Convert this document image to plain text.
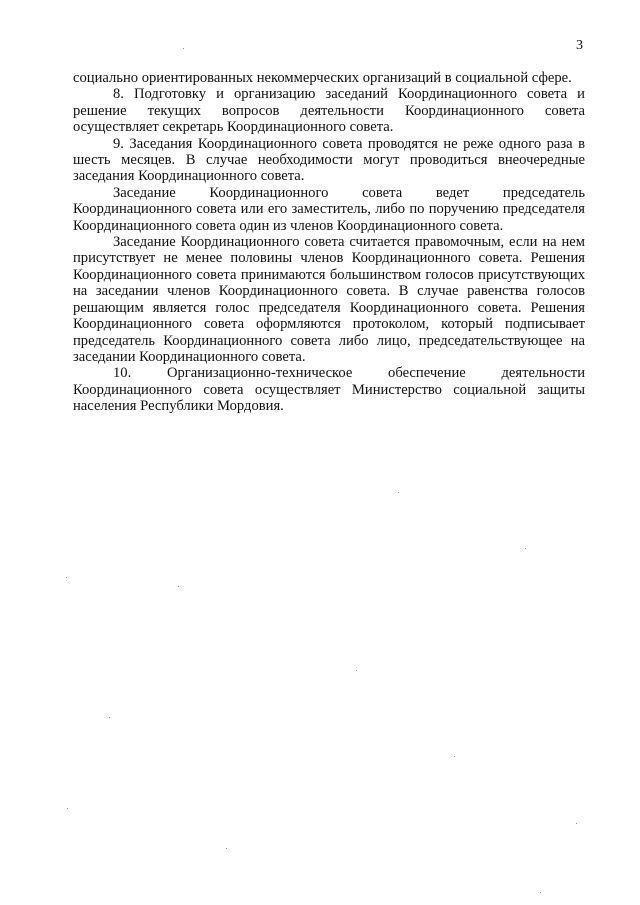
3

социально ориентированных некоммерческих организаций в социальной сфере.

8. Подготовку и организацию заседаний Координационного совета и решение текущих вопросов деятельности Координационного совета осуществляет секретарь Координационного совета.

9. Заседания Координационного совета проводятся не реже одного раза в шесть месяцев. В случае необходимости могут проводиться внеочередные заседания Координационного совета.

Заседание Координационного совета ведет председатель Координационного совета или его заместитель, либо по поручению председателя Координационного совета один из членов Координационного совета.

Заседание Координационного совета считается правомочным, если на нем присутствует не менее половины членов Координационного совета. Решения Координационного совета принимаются большинством голосов присутствующих на заседании членов Координационного совета. В случае равенства голосов решающим является голос председателя Координационного совета. Решения Координационного совета оформляются протоколом, который подписывает председатель Координационного совета либо лицо, председательствующее на заседании Координационного совета.

10. Организационно-техническое обеспечение деятельности Координационного совета осуществляет Министерство социальной защиты населения Республики Мордовия.
